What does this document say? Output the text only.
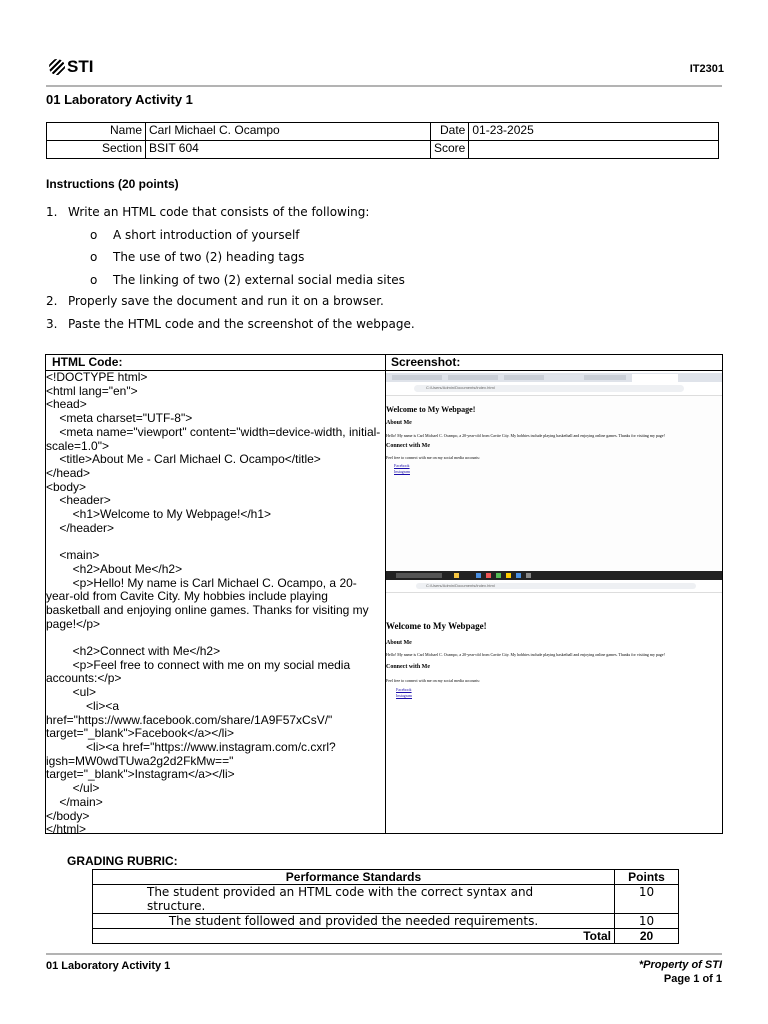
STI	IT2301
01 Laboratory Activity 1
Name	Carl Michael C. Ocampo	Date	01-23-2025
Section	BSIT 604	Score	
Instructions (20 points)
1. Write an HTML code that consists of the following:
o A short introduction of yourself
o The use of two (2) heading tags
o The linking of two (2) external social media sites
2. Properly save the document and run it on a browser.
3. Paste the HTML code and the screenshot of the webpage.
HTML Code:	Screenshot:
<!DOCTYPE html>
<html lang="en">
<head>
<meta charset="UTF-8">
<meta name="viewport" content="width=device-width, initial-scale=1.0">
<title>About Me - Carl Michael C. Ocampo</title>
</head>
<body>
<header>
<h1>Welcome to My Webpage!</h1>
</header>

<main>
<h2>About Me</h2>
<p>Hello! My name is Carl Michael C. Ocampo, a 20-year-old from Cavite City. My hobbies include playing basketball and enjoying online games. Thanks for visiting my page!</p>

<h2>Connect with Me</h2>
<p>Feel free to connect with me on my social media accounts:</p>
<ul>
<li><a href="https://www.facebook.com/share/1A9F57xCsV/" target="_blank">Facebook</a></li>
<li><a href="https://www.instagram.com/c.cxrl?igsh=MW0wdTUwa2g2d2FkMw==" target="_blank">Instagram</a></li>
</ul>
</main>
</body>
</html>
C:/Users/Admin/Documents/index.html
Welcome to My Webpage!
About Me
Hello! My name is Carl Michael C. Ocampo, a 20-year-old from Cavite City. My hobbies include playing basketball and enjoying online games. Thanks for visiting my page!
Connect with Me
Feel free to connect with me on my social media accounts:
Facebook
Instagram
C:/Users/Admin/Documents/index.html
Welcome to My Webpage!
About Me
Hello! My name is Carl Michael C. Ocampo, a 20-year-old from Cavite City. My hobbies include playing basketball and enjoying online games. Thanks for visiting my page!
Connect with Me
Feel free to connect with me on my social media accounts:
Facebook
Instagram
GRADING RUBRIC:
Performance Standards	Points
The student provided an HTML code with the correct syntax and structure.	10
The student followed and provided the needed requirements.	10
Total	20
01 Laboratory Activity 1	*Property of STI
Page 1 of 1
